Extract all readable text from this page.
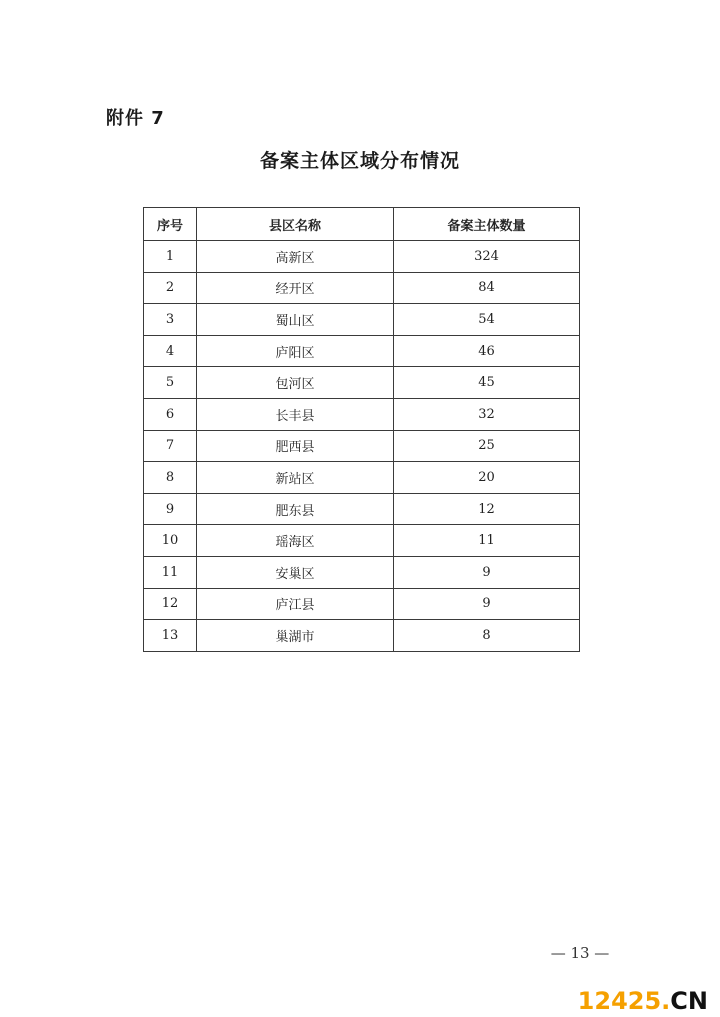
附件 7
备案主体区域分布情况
序号	县区名称	备案主体数量
1	高新区	324
2	经开区	84
3	蜀山区	54
4	庐阳区	46
5	包河区	45
6	长丰县	32
7	肥西县	25
8	新站区	20
9	肥东县	12
10	瑶海区	11
11	安巢区	9
12	庐江县	9
13	巢湖市	8
— 13 —
12425.CN
